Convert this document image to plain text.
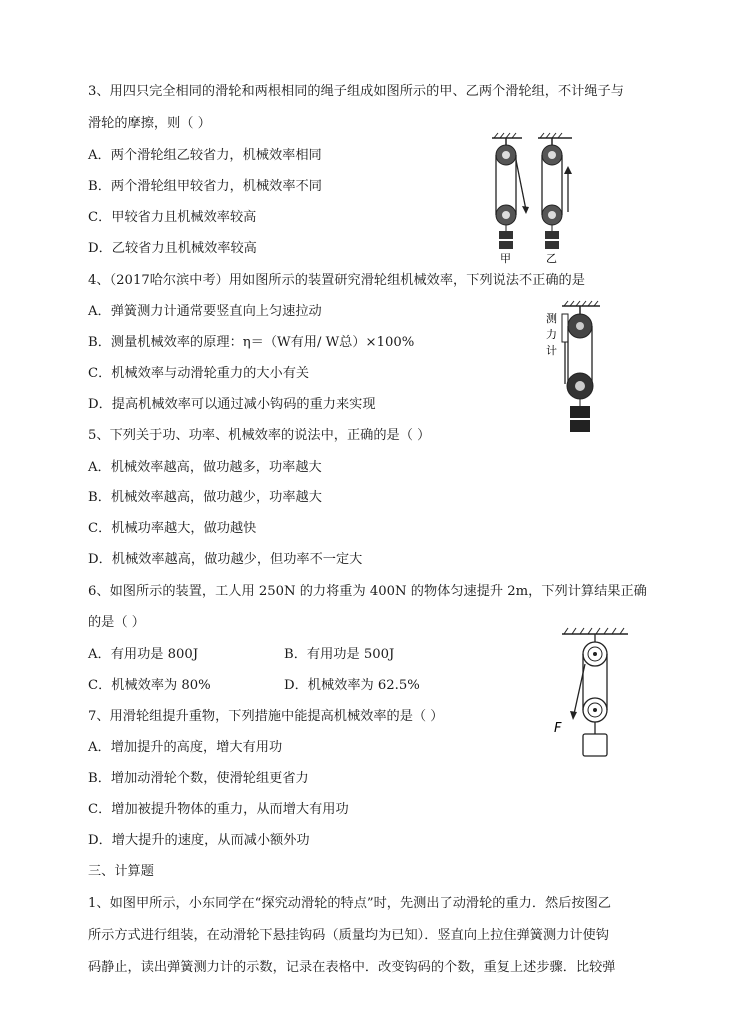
3、用四只完全相同的滑轮和两根相同的绳子组成如图所示的甲、乙两个滑轮组，不计绳子与
滑轮的摩擦，则（ ）
A．两个滑轮组乙较省力，机械效率相同
B．两个滑轮组甲较省力，机械效率不同
C．甲较省力且机械效率较高
D．乙较省力且机械效率较高
甲	乙
4、（2017哈尔滨中考）用如图所示的装置研究滑轮组机械效率，下列说法不正确的是
A．弹簧测力计通常要竖直向上匀速拉动
B．测量机械效率的原理：η＝（W有用/ W总）×100%
C．机械效率与动滑轮重力的大小有关
D．提高机械效率可以通过减小钩码的重力来实现
测
力
计
5、下列关于功、功率、机械效率的说法中，正确的是（ ）
A．机械效率越高，做功越多，功率越大
B．机械效率越高，做功越少，功率越大
C．机械功率越大，做功越快
D．机械效率越高，做功越少，但功率不一定大
6、如图所示的装置，工人用 250N 的力将重为 400N 的物体匀速提升 2m，下列计算结果正确
的是（ ）
A．有用功是 800J	B．有用功是 500J
C．机械效率为 80%	D．机械效率为 62.5%
F
7、用滑轮组提升重物，下列措施中能提高机械效率的是（ ）
A．增加提升的高度，增大有用功
B．增加动滑轮个数，使滑轮组更省力
C．增加被提升物体的重力，从而增大有用功
D．增大提升的速度，从而减小额外功
三、计算题
1、如图甲所示，小东同学在“探究动滑轮的特点”时，先测出了动滑轮的重力．然后按图乙
所示方式进行组装，在动滑轮下悬挂钩码（质量均为已知）．竖直向上拉住弹簧测力计使钩
码静止，读出弹簧测力计的示数，记录在表格中．改变钩码的个数，重复上述步骤．比较弹
